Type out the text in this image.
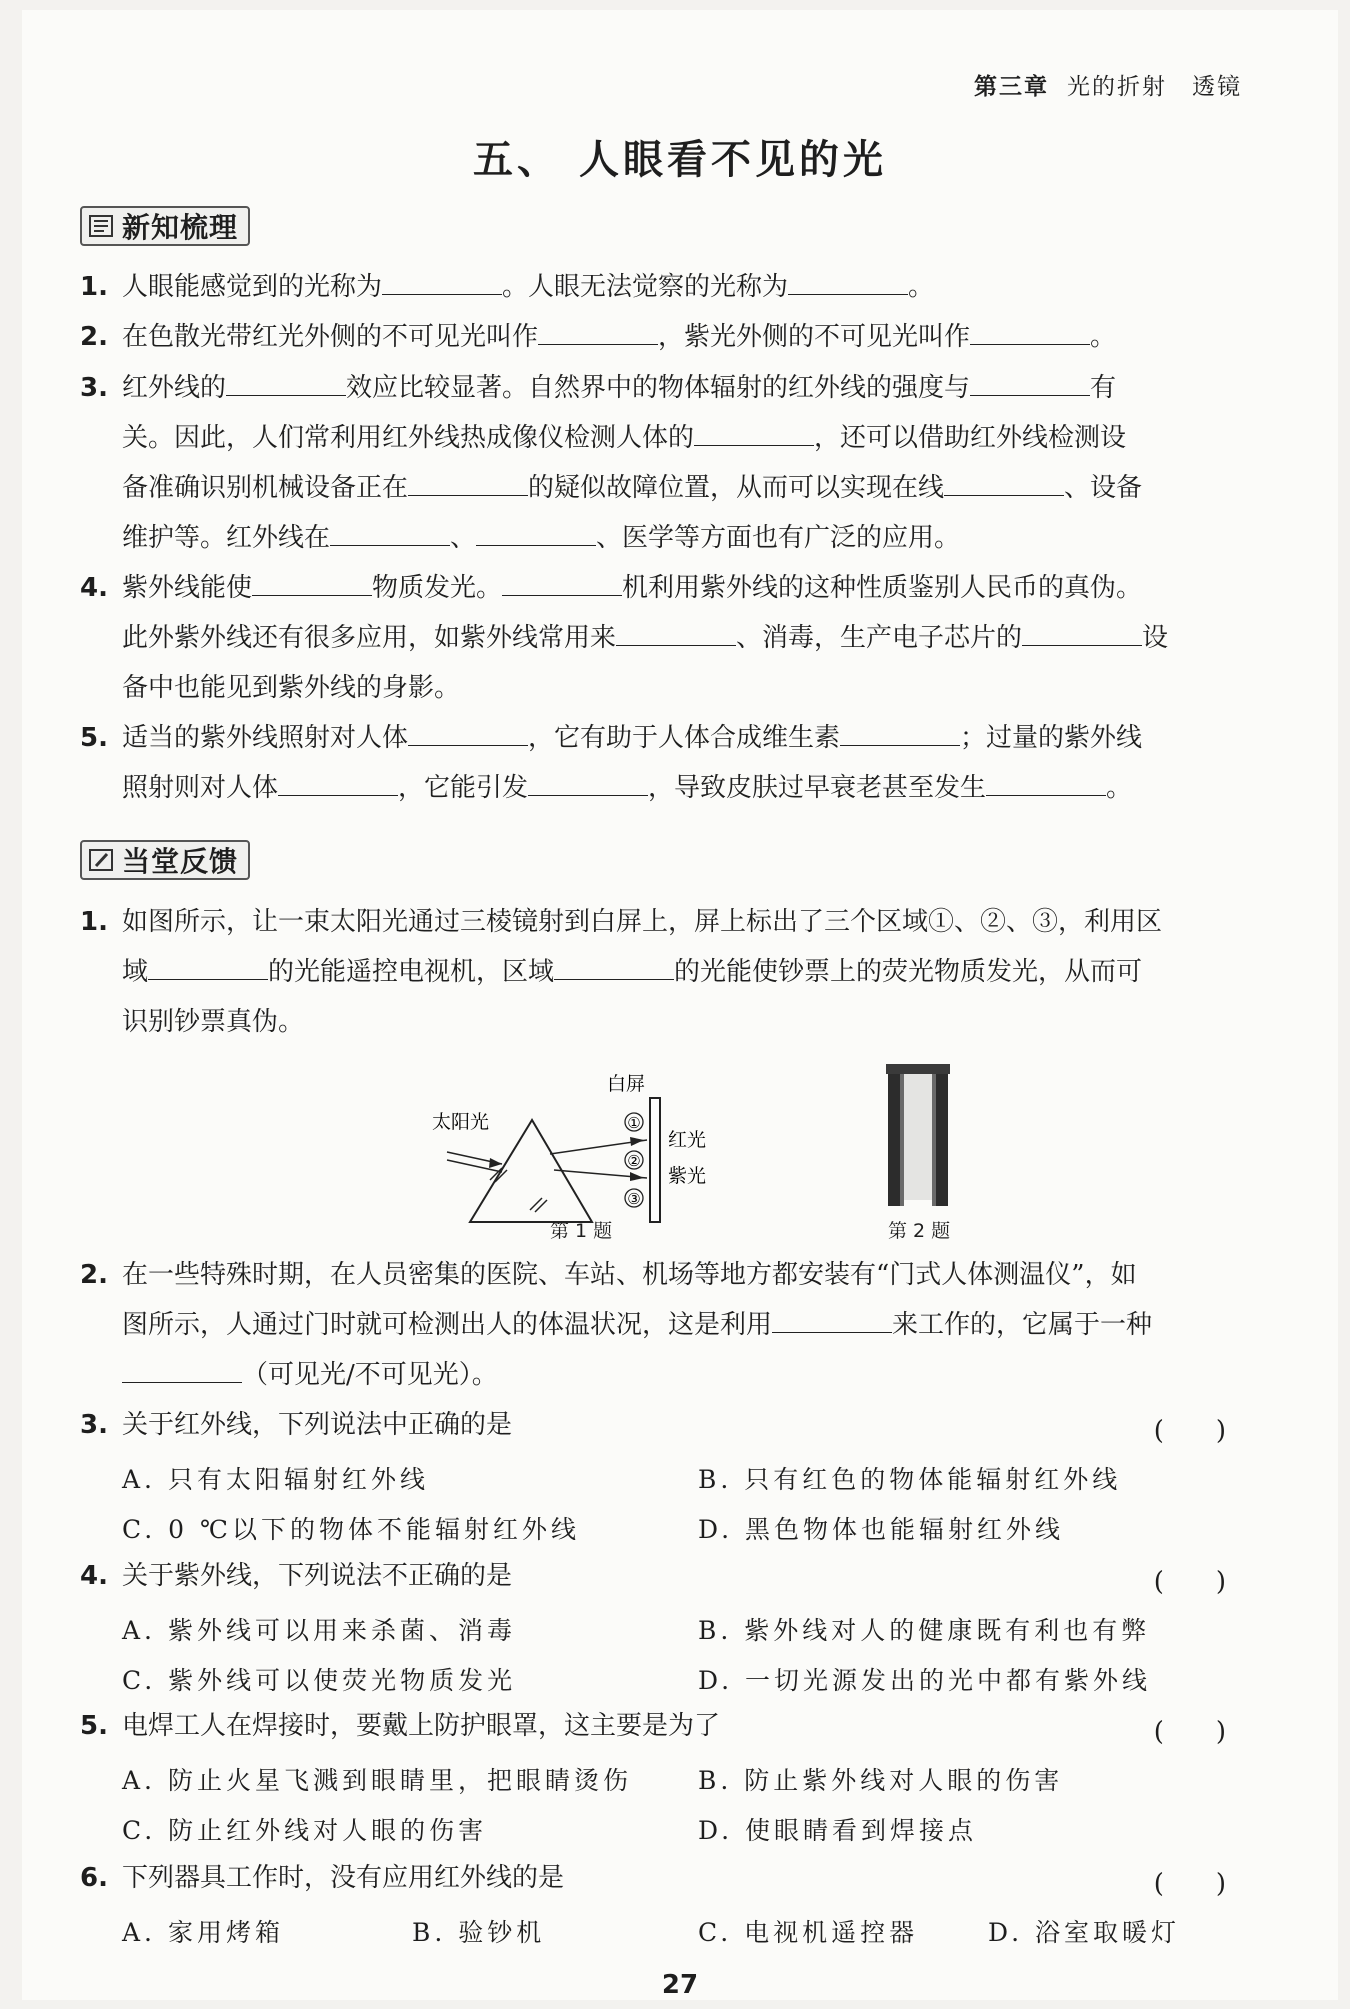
第三章 光的折射　透镜
五、 人眼看不见的光
新知梳理
1. 人眼能感觉到的光称为	。人眼无法觉察的光称为	。
2. 在色散光带红光外侧的不可见光叫作	，紫光外侧的不可见光叫作	。
3. 红外线的	效应比较显著。自然界中的物体辐射的红外线的强度与	有
关。因此，人们常利用红外线热成像仪检测人体的	，还可以借助红外线检测设
备准确识别机械设备正在	的疑似故障位置，从而可以实现在线	、设备
维护等。红外线在	、	、医学等方面也有广泛的应用。
4. 紫外线能使	物质发光。	机利用紫外线的这种性质鉴别人民币的真伪。
此外紫外线还有很多应用，如紫外线常用来	、消毒，生产电子芯片的	设
备中也能见到紫外线的身影。
5. 适当的紫外线照射对人体	，它有助于人体合成维生素	；过量的紫外线
照射则对人体	，它能引发	，导致皮肤过早衰老甚至发生	。
当堂反馈
1. 如图所示，让一束太阳光通过三棱镜射到白屏上，屏上标出了三个区域①、②、③，利用区
域	的光能遥控电视机，区域	的光能使钞票上的荧光物质发光，从而可
识别钞票真伪。
太阳光
白屏
①
②
③
红光
紫光
第 1 题	第 2 题
2. 在一些特殊时期，在人员密集的医院、车站、机场等地方都安装有“门式人体测温仪”，如
图所示，人通过门时就可检测出人的体温状况，这是利用	来工作的，它属于一种
（可见光/不可见光）。
3. 关于红外线，下列说法中正确的是	(　　)
A. 只有太阳辐射红外线	B. 只有红色的物体能辐射红外线
C. 0 ℃以下的物体不能辐射红外线	D. 黑色物体也能辐射红外线
4. 关于紫外线，下列说法不正确的是	(　　)
A. 紫外线可以用来杀菌、消毒	B. 紫外线对人的健康既有利也有弊
C. 紫外线可以使荧光物质发光	D. 一切光源发出的光中都有紫外线
5. 电焊工人在焊接时，要戴上防护眼罩，这主要是为了	(　　)
A. 防止火星飞溅到眼睛里，把眼睛烫伤	B. 防止紫外线对人眼的伤害
C. 防止红外线对人眼的伤害	D. 使眼睛看到焊接点
6. 下列器具工作时，没有应用红外线的是	(　　)
A. 家用烤箱	B. 验钞机	C. 电视机遥控器	D. 浴室取暖灯
27
